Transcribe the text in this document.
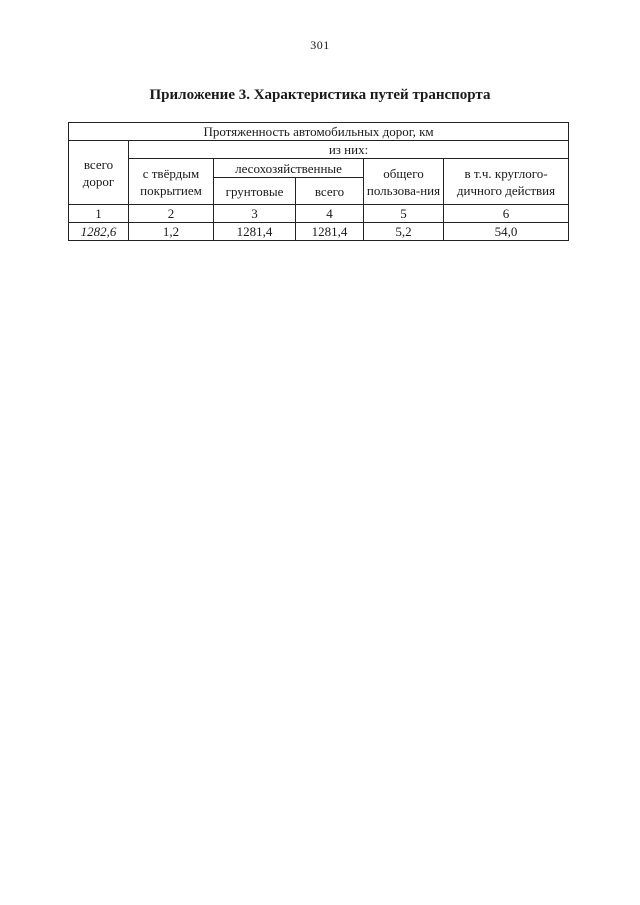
301
Приложение 3. Характеристика путей транспорта
Протяженность автомобильных дорог, км					
всего дорог	из них:				
	с твёрдым покрытием	лесохозяйственные		общего пользова-ния	в т.ч. круглого-дичного действия
		грунтовые	всего		
1	2	3	4	5	6
1282,6	1,2	1281,4	1281,4	5,2	54,0
